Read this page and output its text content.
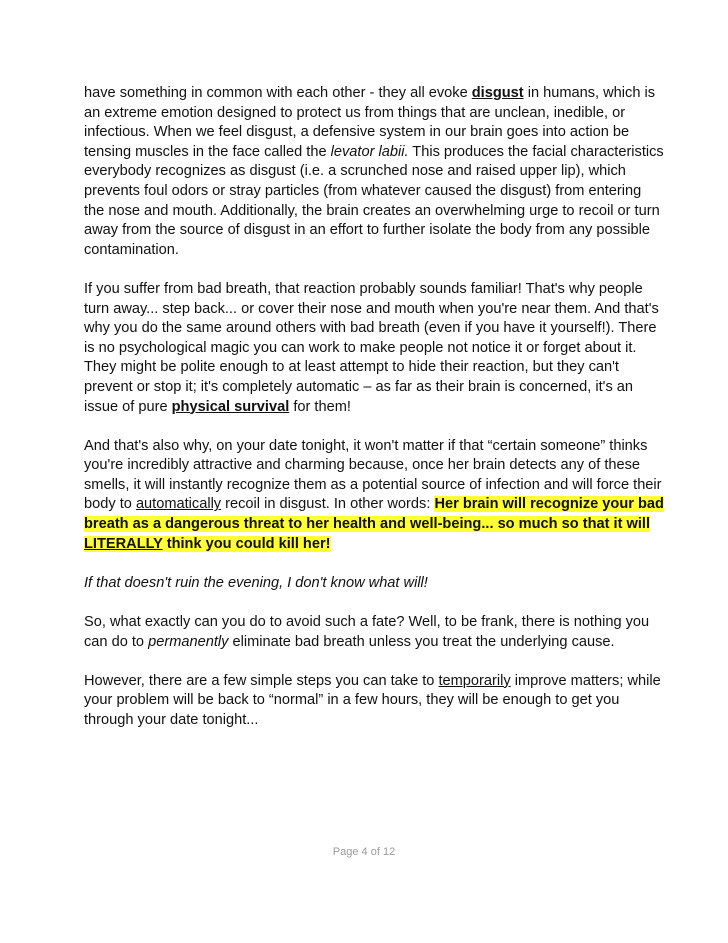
have something in common with each other - they all evoke disgust in humans, which is an extreme emotion designed to protect us from things that are unclean, inedible, or infectious. When we feel disgust, a defensive system in our brain goes into action be tensing muscles in the face called the levator labii. This produces the facial characteristics everybody recognizes as disgust (i.e. a scrunched nose and raised upper lip), which prevents foul odors or stray particles (from whatever caused the disgust) from entering the nose and mouth. Additionally, the brain creates an overwhelming urge to recoil or turn away from the source of disgust in an effort to further isolate the body from any possible contamination.

If you suffer from bad breath, that reaction probably sounds familiar! That's why people turn away... step back... or cover their nose and mouth when you're near them. And that's why you do the same around others with bad breath (even if you have it yourself!). There is no psychological magic you can work to make people not notice it or forget about it. They might be polite enough to at least attempt to hide their reaction, but they can't prevent or stop it; it's completely automatic – as far as their brain is concerned, it's an issue of pure physical survival for them!

And that's also why, on your date tonight, it won't matter if that “certain someone” thinks you're incredibly attractive and charming because, once her brain detects any of these smells, it will instantly recognize them as a potential source of infection and will force their body to automatically recoil in disgust. In other words: Her brain will recognize your bad breath as a dangerous threat to her health and well-being... so much so that it will LITERALLY think you could kill her!

If that doesn't ruin the evening, I don't know what will!

So, what exactly can you do to avoid such a fate? Well, to be frank, there is nothing you can do to permanently eliminate bad breath unless you treat the underlying cause.

However, there are a few simple steps you can take to temporarily improve matters; while your problem will be back to “normal” in a few hours, they will be enough to get you through your date tonight...

Page 4 of 12
